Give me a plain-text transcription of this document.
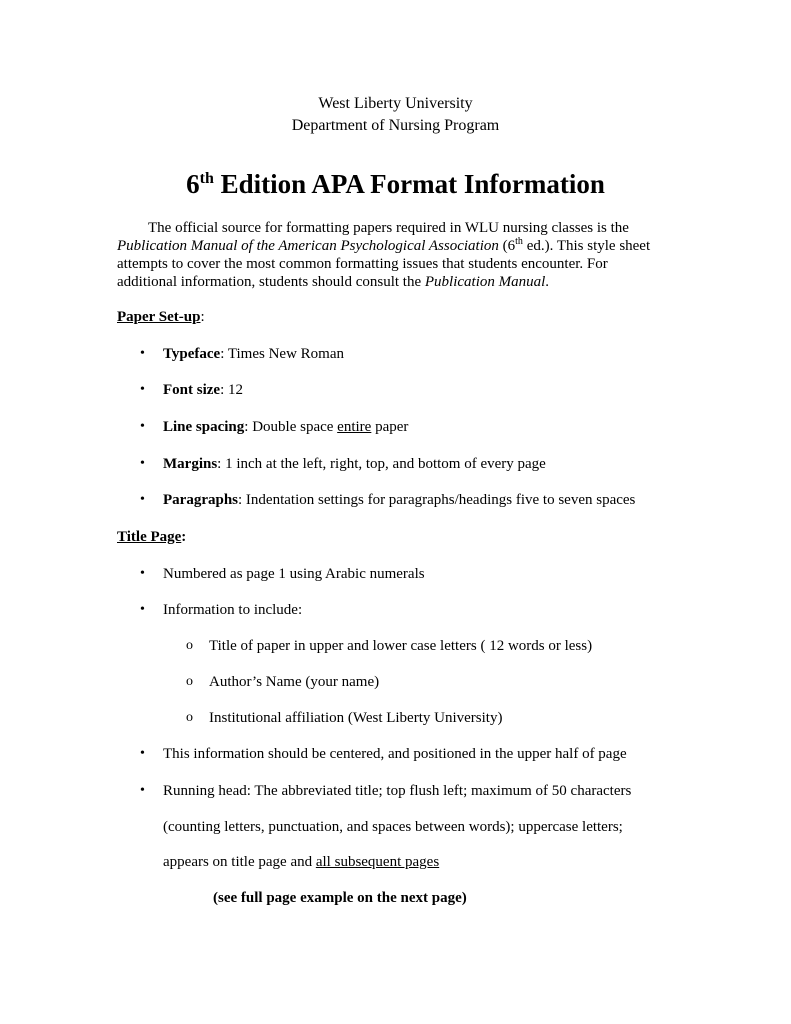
West Liberty University

Department of Nursing Program

6th Edition APA Format Information

The official source for formatting papers required in WLU nursing classes is the

Publication Manual of the American Psychological Association (6th ed.). This style sheet

attempts to cover the most common formatting issues that students encounter. For

additional information, students should consult the Publication Manual.

Paper Set-up:

• Typeface: Times New Roman

• Font size: 12

• Line spacing: Double space entire paper

• Margins: 1 inch at the left, right, top, and bottom of every page

• Paragraphs: Indentation settings for paragraphs/headings five to seven spaces

Title Page:

• Numbered as page 1 using Arabic numerals

• Information to include:

o Title of paper in upper and lower case letters ( 12 words or less)

o Author’s Name (your name)

o Institutional affiliation (West Liberty University)

• This information should be centered, and positioned in the upper half of page

• Running head: The abbreviated title; top flush left; maximum of 50 characters

(counting letters, punctuation, and spaces between words); uppercase letters;

appears on title page and all subsequent pages

(see full page example on the next page)
